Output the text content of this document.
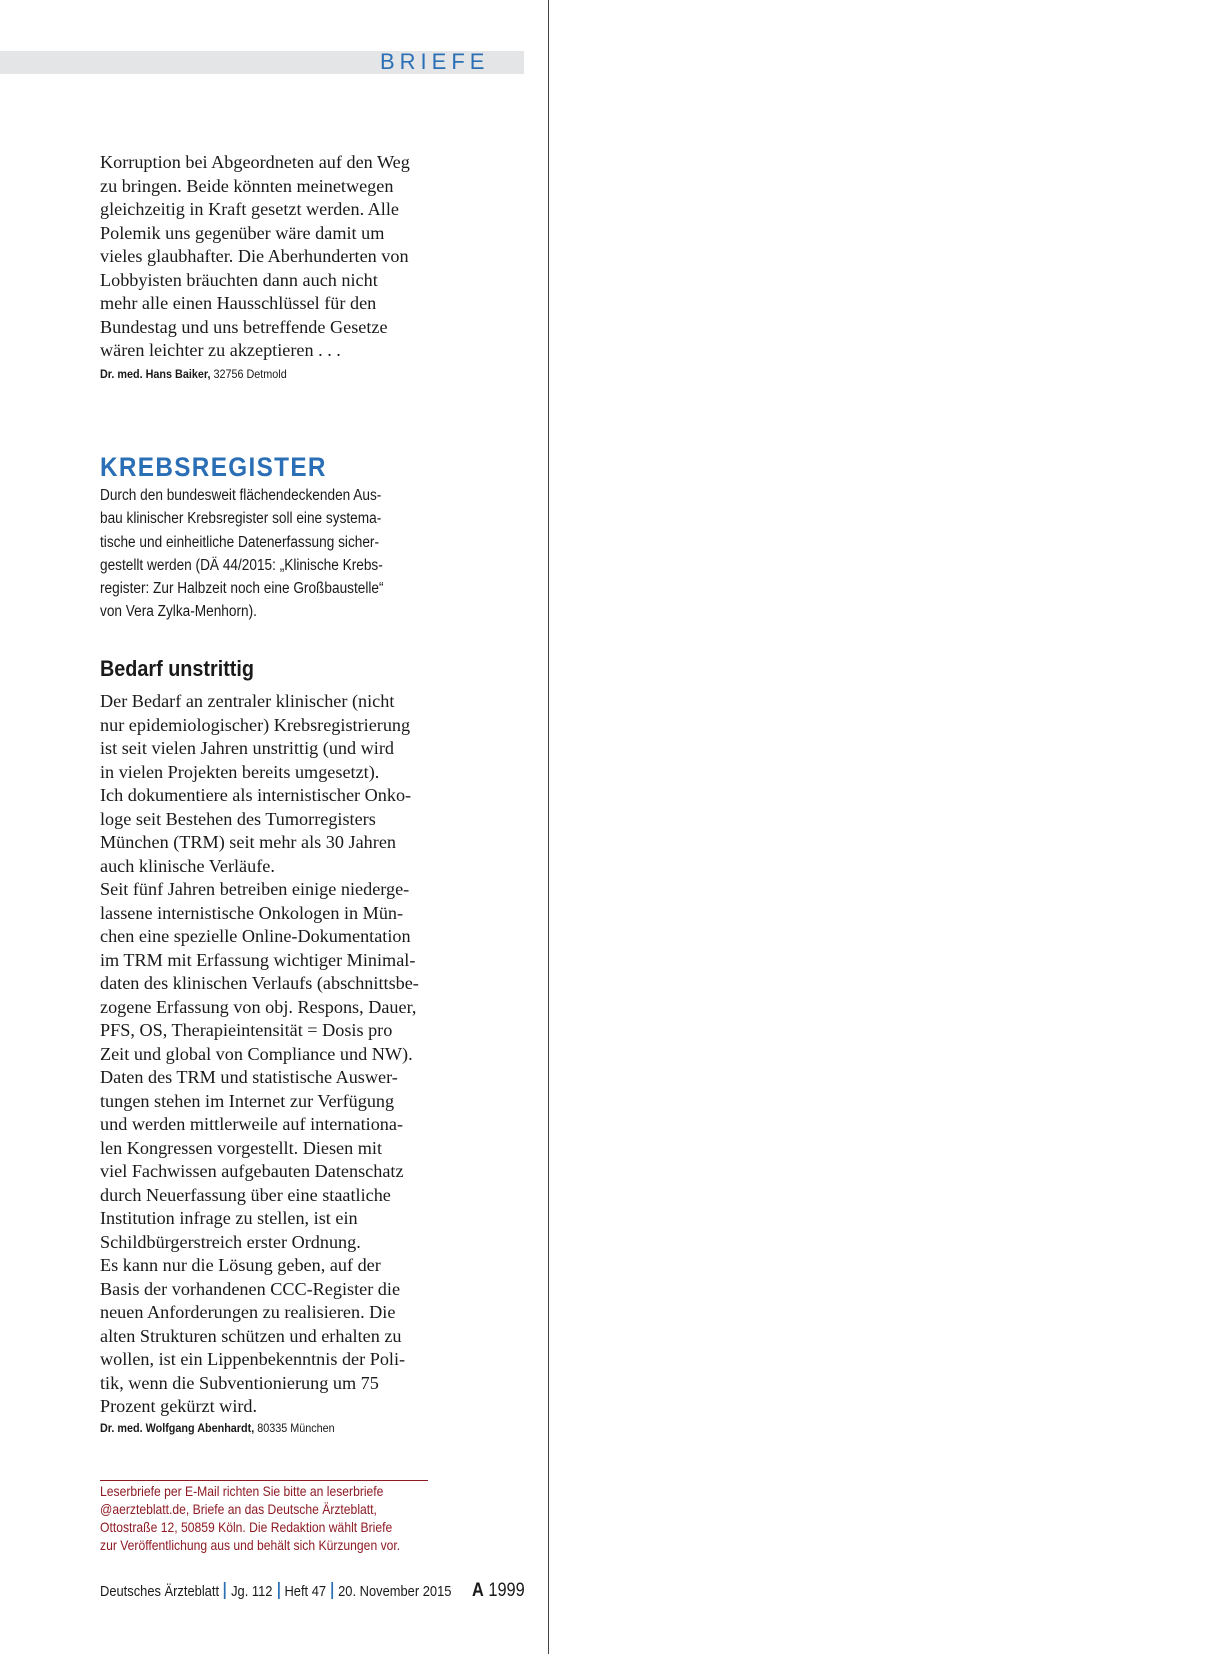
BRIEFE
Korruption bei Abgeordneten auf den Weg
zu bringen. Beide könnten meinetwegen
gleichzeitig in Kraft gesetzt werden. Alle
Polemik uns gegenüber wäre damit um
vieles glaubhafter. Die Aberhunderten von
Lobbyisten bräuchten dann auch nicht
mehr alle einen Hausschlüssel für den
Bundestag und uns betreffende Gesetze
wären leichter zu akzeptieren . . .
Dr. med. Hans Baiker, 32756 Detmold
KREBSREGISTER
Durch den bundesweit flächendeckenden Aus-
bau klinischer Krebsregister soll eine systema-
tische und einheitliche Datenerfassung sicher-
gestellt werden (DÄ 44/2015: „Klinische Krebs-
register: Zur Halbzeit noch eine Großbaustelle“
von Vera Zylka-Menhorn).
Bedarf unstrittig
Der Bedarf an zentraler klinischer (nicht
nur epidemiologischer) Krebsregistrierung
ist seit vielen Jahren unstrittig (und wird
in vielen Projekten bereits umgesetzt).
Ich dokumentiere als internistischer Onko-
loge seit Bestehen des Tumorregisters
München (TRM) seit mehr als 30 Jahren
auch klinische Verläufe.
Seit fünf Jahren betreiben einige niederge-
lassene internistische Onkologen in Mün-
chen eine spezielle Online-Dokumentation
im TRM mit Erfassung wichtiger Minimal-
daten des klinischen Verlaufs (abschnittsbe-
zogene Erfassung von obj. Respons, Dauer,
PFS, OS, Therapieintensität = Dosis pro
Zeit und global von Compliance und NW).
Daten des TRM und statistische Auswer-
tungen stehen im Internet zur Verfügung
und werden mittlerweile auf internationa-
len Kongressen vorgestellt. Diesen mit
viel Fachwissen aufgebauten Datenschatz
durch Neuerfassung über eine staatliche
Institution infrage zu stellen, ist ein
Schildbürgerstreich erster Ordnung.
Es kann nur die Lösung geben, auf der
Basis der vorhandenen CCC-Register die
neuen Anforderungen zu realisieren. Die
alten Strukturen schützen und erhalten zu
wollen, ist ein Lippenbekenntnis der Poli-
tik, wenn die Subventionierung um 75
Prozent gekürzt wird.
Dr. med. Wolfgang Abenhardt, 80335 München
Leserbriefe per E-Mail richten Sie bitte an leserbriefe
@aerzteblatt.de, Briefe an das Deutsche Ärzteblatt,
Ottostraße 12, 50859 Köln. Die Redaktion wählt Briefe
zur Veröffentlichung aus und behält sich Kürzungen vor.
Deutsches Ärzteblatt Jg. 112 Heft 47 20. November 2015 A 1999
